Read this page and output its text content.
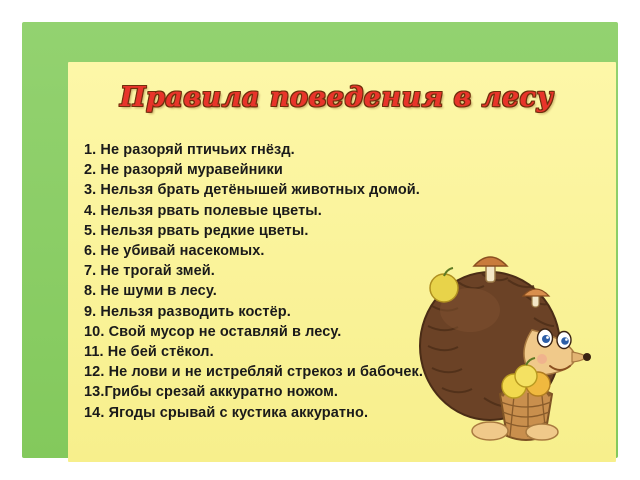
Правила поведения в лесу
1. Не разоряй птичьих гнёзд.
2. Не разоряй муравейники
3. Нельзя брать детёнышей животных домой.
4. Нельзя рвать полевые цветы.
5. Нельзя рвать редкие цветы.
6. Не убивай насекомых.
7. Не трогай змей.
8. Не шуми в лесу.
9. Нельзя разводить костёр.
10. Свой мусор не оставляй в лесу.
11. Не бей стёкол.
12. Не лови и не истребляй стрекоз и бабочек.
13.Грибы срезай аккуратно ножом.
14. Ягоды срывай с кустика аккуратно.
